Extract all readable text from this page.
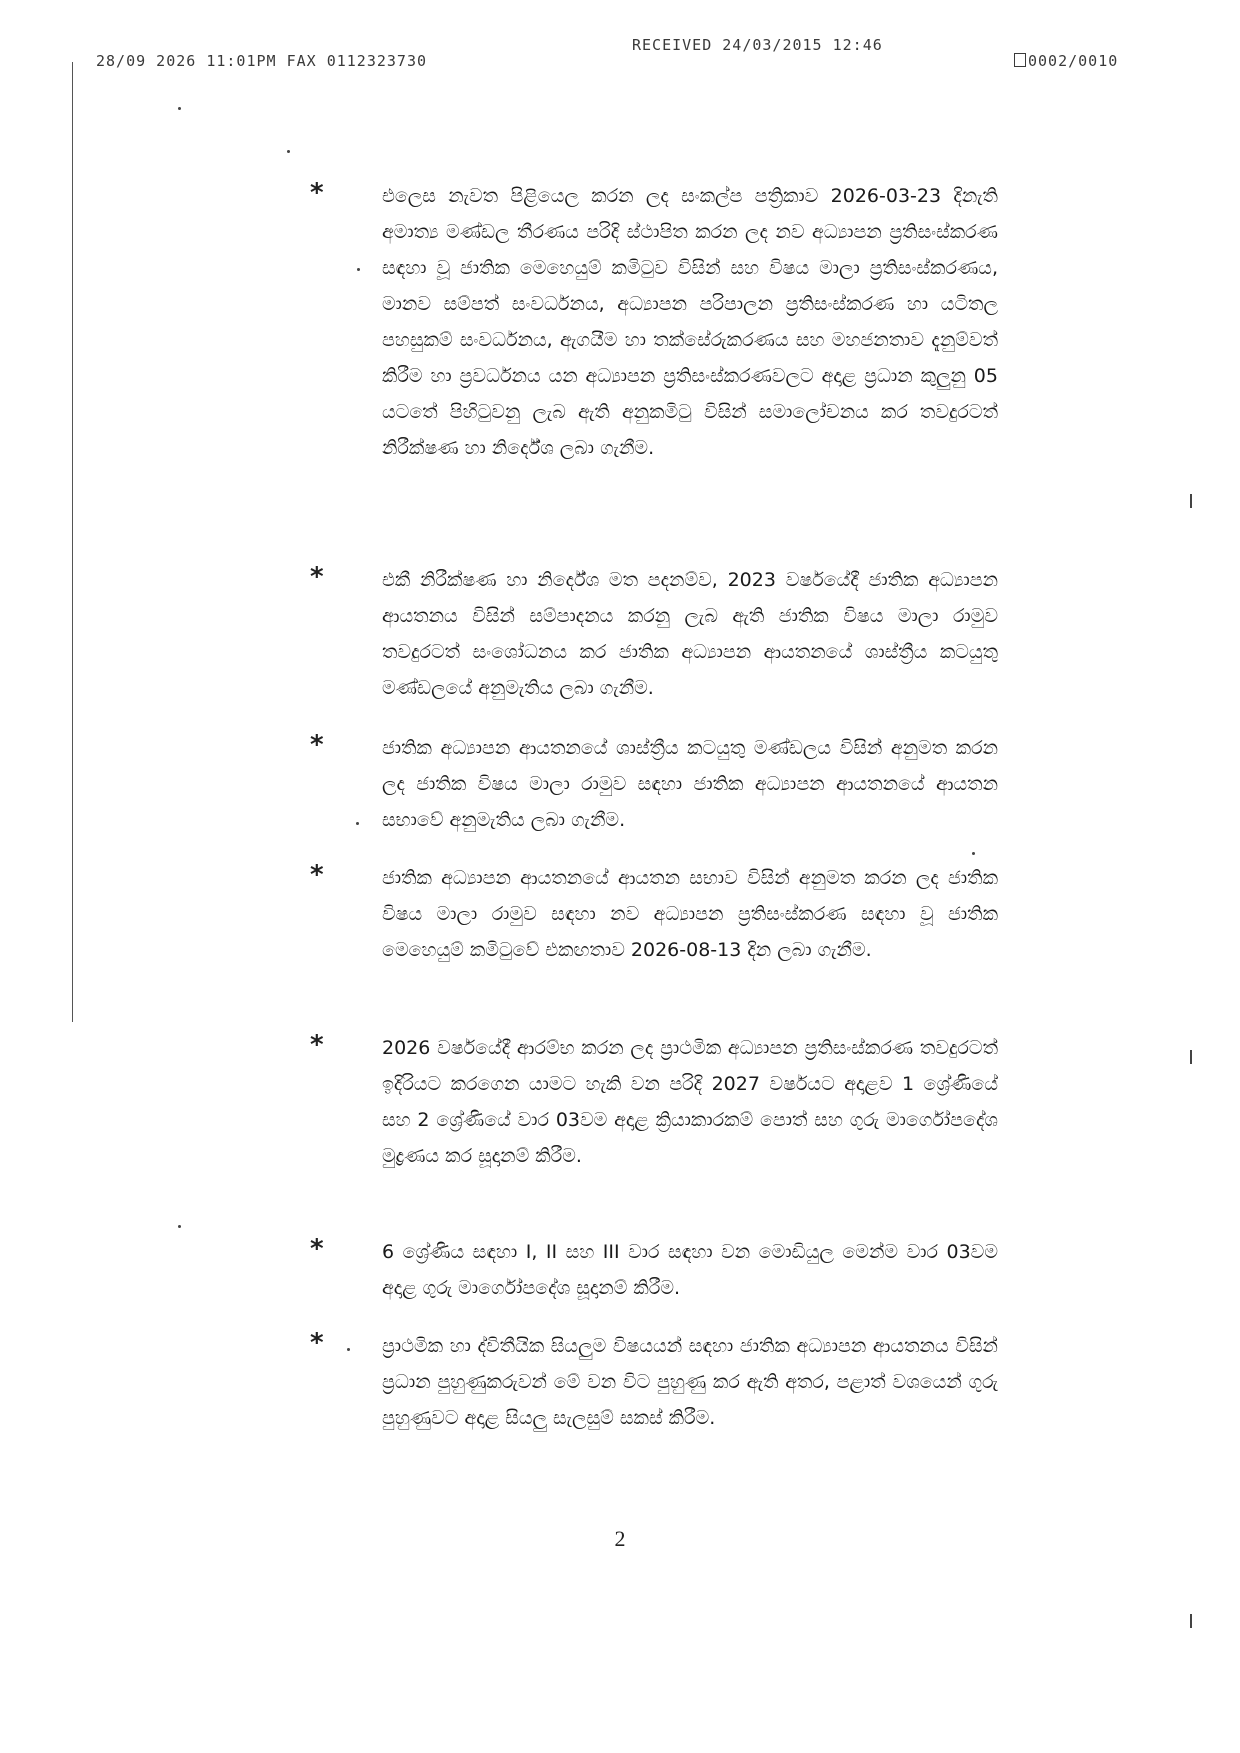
28/09 2026 11:01PM FAX 0112323730
RECEIVED 24/03/2015 12:46
0002/0010
*	එලෙස නැවත පිළියෙල කරන ලද සංකල්ප පත්‍රිකාව 2026-03-23 දිනැති අමාත්‍ය මණ්ඩල තීරණය පරිදි ස්ථාපිත කරන ලද නව අධ්‍යාපන ප්‍රතිසංස්කරණ සඳහා වූ ජාතික මෙහෙයුම් කමිටුව විසින් සහ විෂය මාලා ප්‍රතිසංස්කරණය, මානව සම්පත් සංවර්ධනය, අධ්‍යාපන පරිපාලන ප්‍රතිසංස්කරණ හා යටිතල පහසුකම් සංවර්ධනය, ඇගයීම හා තක්සේරුකරණය සහ මහජනතාව දැනුම්වත් කිරීම හා ප්‍රවර්ධනය යන අධ්‍යාපන ප්‍රතිසංස්කරණවලට අදාළ ප්‍රධාන කුලුනු 05 යටතේ පිහිටුවනු ලැබ ඇති අනුකමිටු විසින් සමාලෝචනය කර තවදුරටත් නිරීක්ෂණ හා නිර්දේශ ලබා ගැනීම.

*	එකී නිරීක්ෂණ හා නිර්දේශ මත පදනම්ව, 2023 වර්ෂයේදී ජාතික අධ්‍යාපන ආයතනය විසින් සම්පාදනය කරනු ලැබ ඇති ජාතික විෂය මාලා රාමුව තවදුරටත් සංශෝධනය කර ජාතික අධ්‍යාපන ආයතනයේ ශාස්ත්‍රීය කටයුතු මණ්ඩලයේ අනුමැතිය ලබා ගැනීම.

*	ජාතික අධ්‍යාපන ආයතනයේ ශාස්ත්‍රීය කටයුතු මණ්ඩලය විසින් අනුමත කරන ලද ජාතික විෂය මාලා රාමුව සඳහා ජාතික අධ්‍යාපන ආයතනයේ ආයතන සභාවේ අනුමැතිය ලබා ගැනීම.

*	ජාතික අධ්‍යාපන ආයතනයේ ආයතන සභාව විසින් අනුමත කරන ලද ජාතික විෂය මාලා රාමුව සඳහා නව අධ්‍යාපන ප්‍රතිසංස්කරණ සඳහා වූ ජාතික මෙහෙයුම් කමිටුවේ එකඟතාව 2026-08-13 දින ලබා ගැනීම.

*	2026 වර්ෂයේදී ආරම්භ කරන ලද ප්‍රාථමික අධ්‍යාපන ප්‍රතිසංස්කරණ තවදුරටත් ඉදිරියට කරගෙන යාමට හැකි වන පරිදි 2027 වර්ෂයට අදාළව 1 ශ්‍රේණියේ සහ 2 ශ්‍රේණියේ වාර 03වම අදාළ ක්‍රියාකාරකම් පොත් සහ ගුරු මාර්ගෝපදේශ මුද්‍රණය කර සූදානම් කිරීම.

*	6 ශ්‍රේණිය සඳහා I, II සහ III වාර සඳහා වන මොඩියුල මෙන්ම වාර 03වම අදාළ ගුරු මාර්ගෝපදේශ සූදානම් කිරීම.

*	ප්‍රාථමික හා ද්විතීයික සියලුම විෂයයන් සඳහා ජාතික අධ්‍යාපන ආයතනය විසින් ප්‍රධාන පුහුණුකරුවන් මේ වන විට පුහුණු කර ඇති අතර, පළාත් වශයෙන් ගුරු පුහුණුවට අදාළ සියලු සැලසුම් සකස් කිරීම.

2
